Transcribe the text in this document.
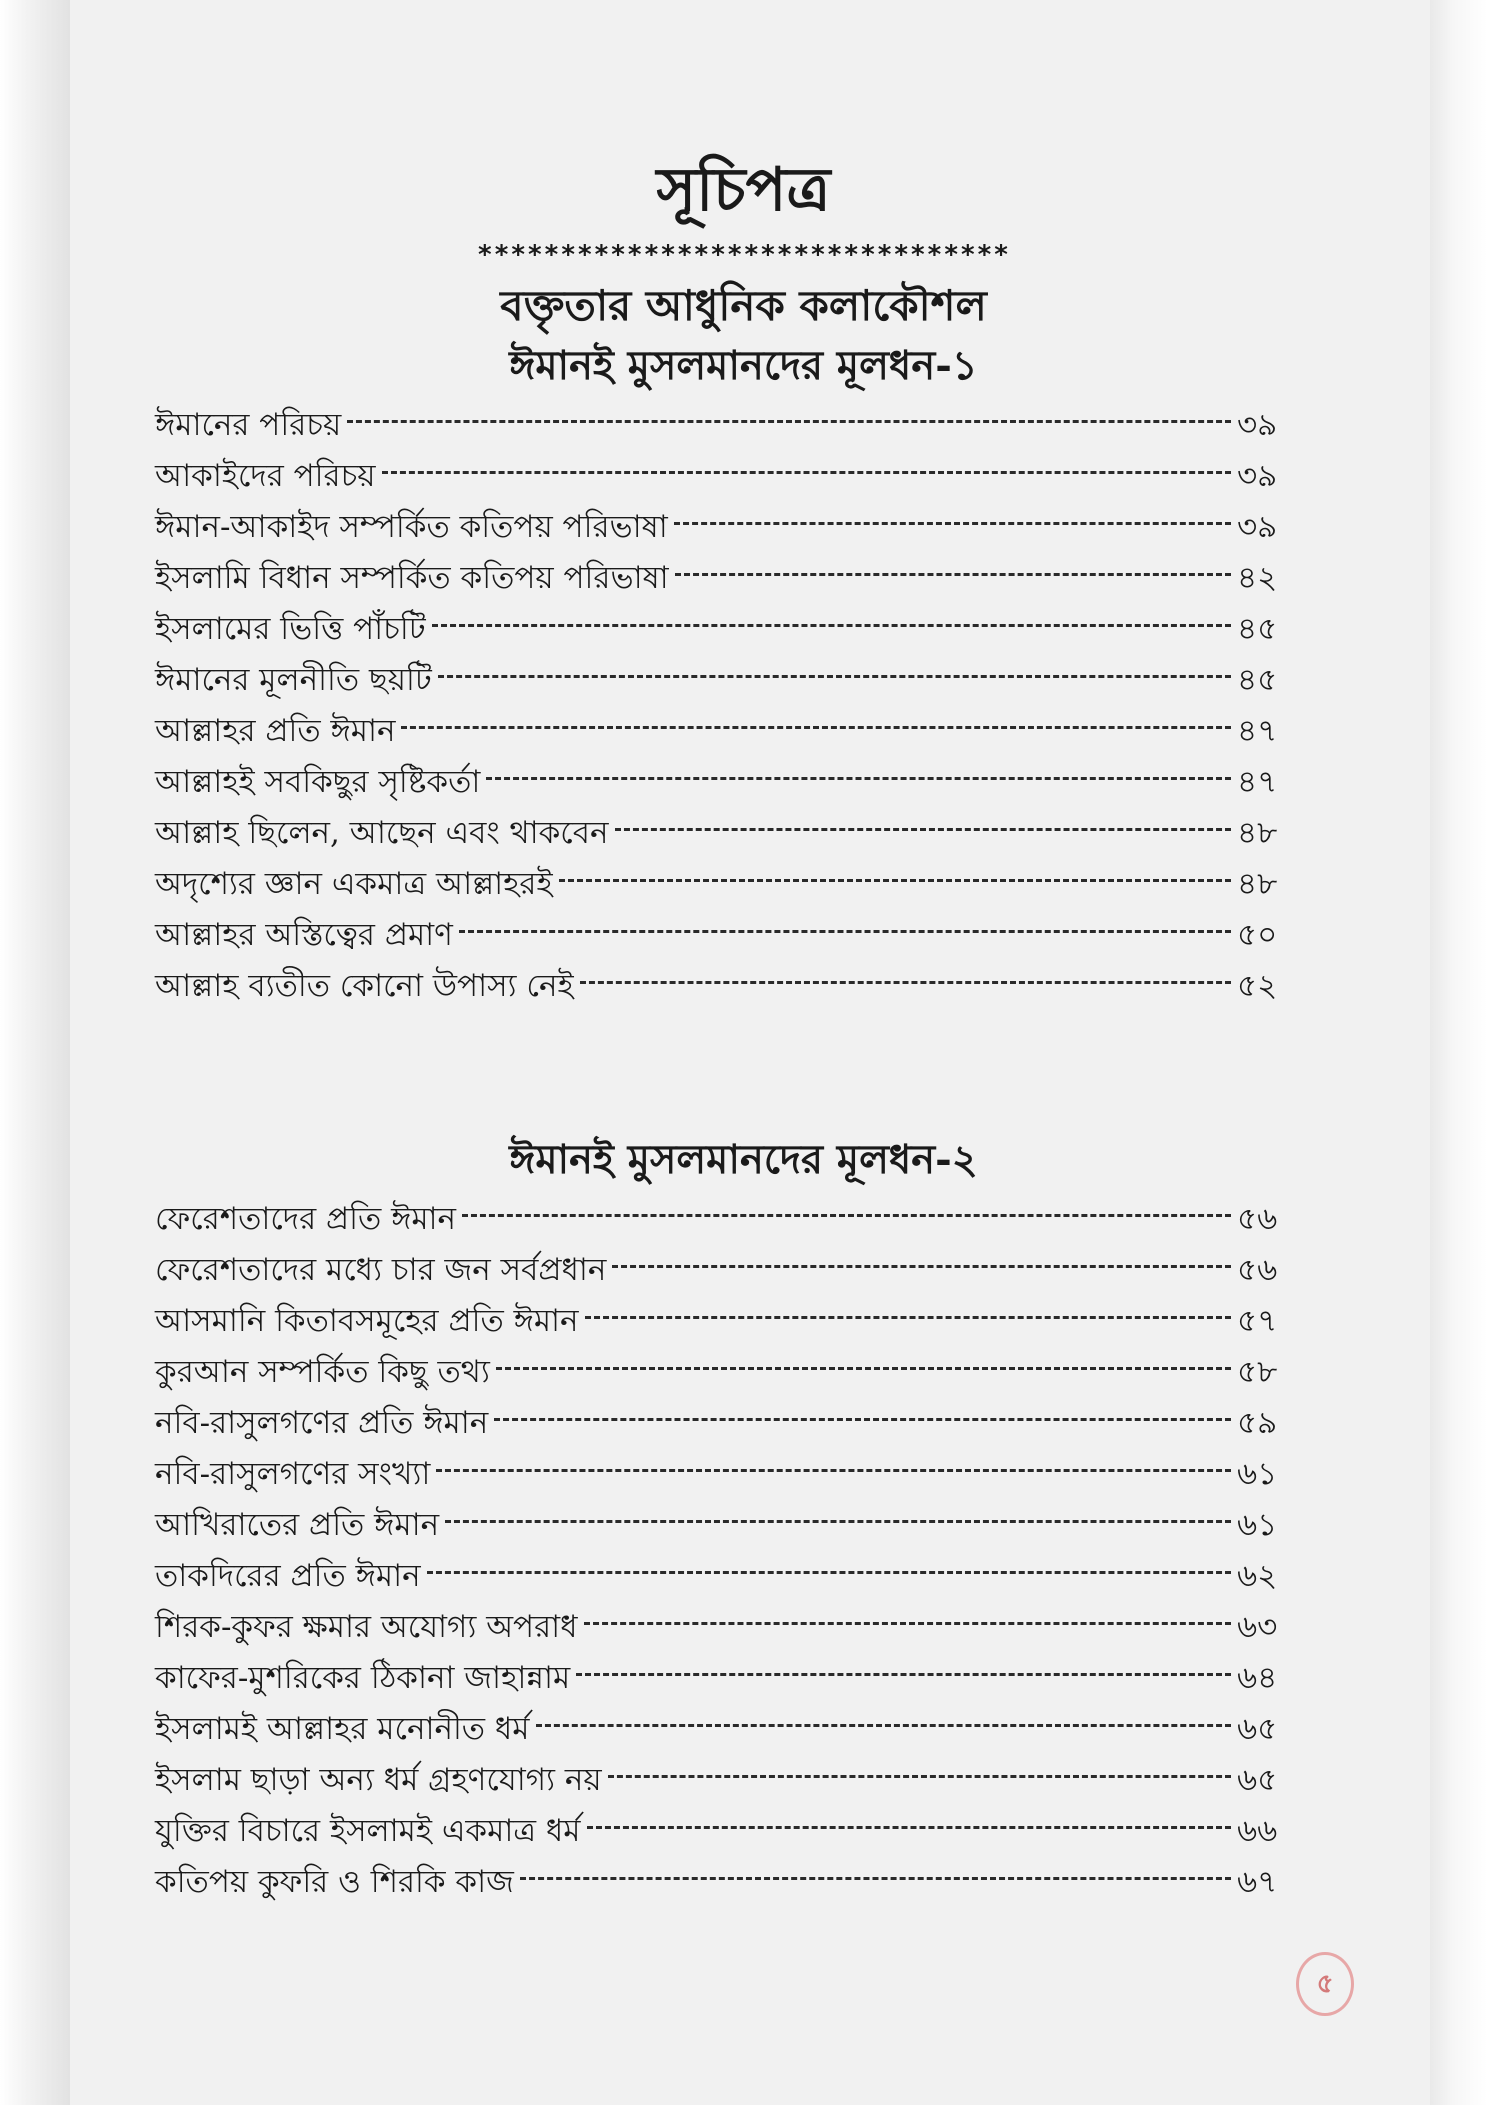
সূচিপত্র
********************************
বক্তৃতার আধুনিক কলাকৌশল
ঈমানই মুসলমানদের মূলধন-১
ঈমানের পরিচয়	৩৯
আকাইদের পরিচয়	৩৯
ঈমান-আকাইদ সম্পর্কিত কতিপয় পরিভাষা	৩৯
ইসলামি বিধান সম্পর্কিত কতিপয় পরিভাষা	৪২
ইসলামের ভিত্তি পাঁচটি	৪৫
ঈমানের মূলনীতি ছয়টি	৪৫
আল্লাহর প্রতি ঈমান	৪৭
আল্লাহই সবকিছুর সৃষ্টিকর্তা	৪৭
আল্লাহ ছিলেন, আছেন এবং থাকবেন	৪৮
অদৃশ্যের জ্ঞান একমাত্র আল্লাহরই	৪৮
আল্লাহর অস্তিত্বের প্রমাণ	৫০
আল্লাহ ব্যতীত কোনো উপাস্য নেই	৫২
ঈমানই মুসলমানদের মূলধন-২
ফেরেশতাদের প্রতি ঈমান	৫৬
ফেরেশতাদের মধ্যে চার জন সর্বপ্রধান	৫৬
আসমানি কিতাবসমূহের প্রতি ঈমান	৫৭
কুরআন সম্পর্কিত কিছু তথ্য	৫৮
নবি-রাসুলগণের প্রতি ঈমান	৫৯
নবি-রাসুলগণের সংখ্যা	৬১
আখিরাতের প্রতি ঈমান	৬১
তাকদিরের প্রতি ঈমান	৬২
শিরক-কুফর ক্ষমার অযোগ্য অপরাধ	৬৩
কাফের-মুশরিকের ঠিকানা জাহান্নাম	৬৪
ইসলামই আল্লাহর মনোনীত ধর্ম	৬৫
ইসলাম ছাড়া অন্য ধর্ম গ্রহণযোগ্য নয়	৬৫
যুক্তির বিচারে ইসলামই একমাত্র ধর্ম	৬৬
কতিপয় কুফরি ও শিরকি কাজ	৬৭
৫
